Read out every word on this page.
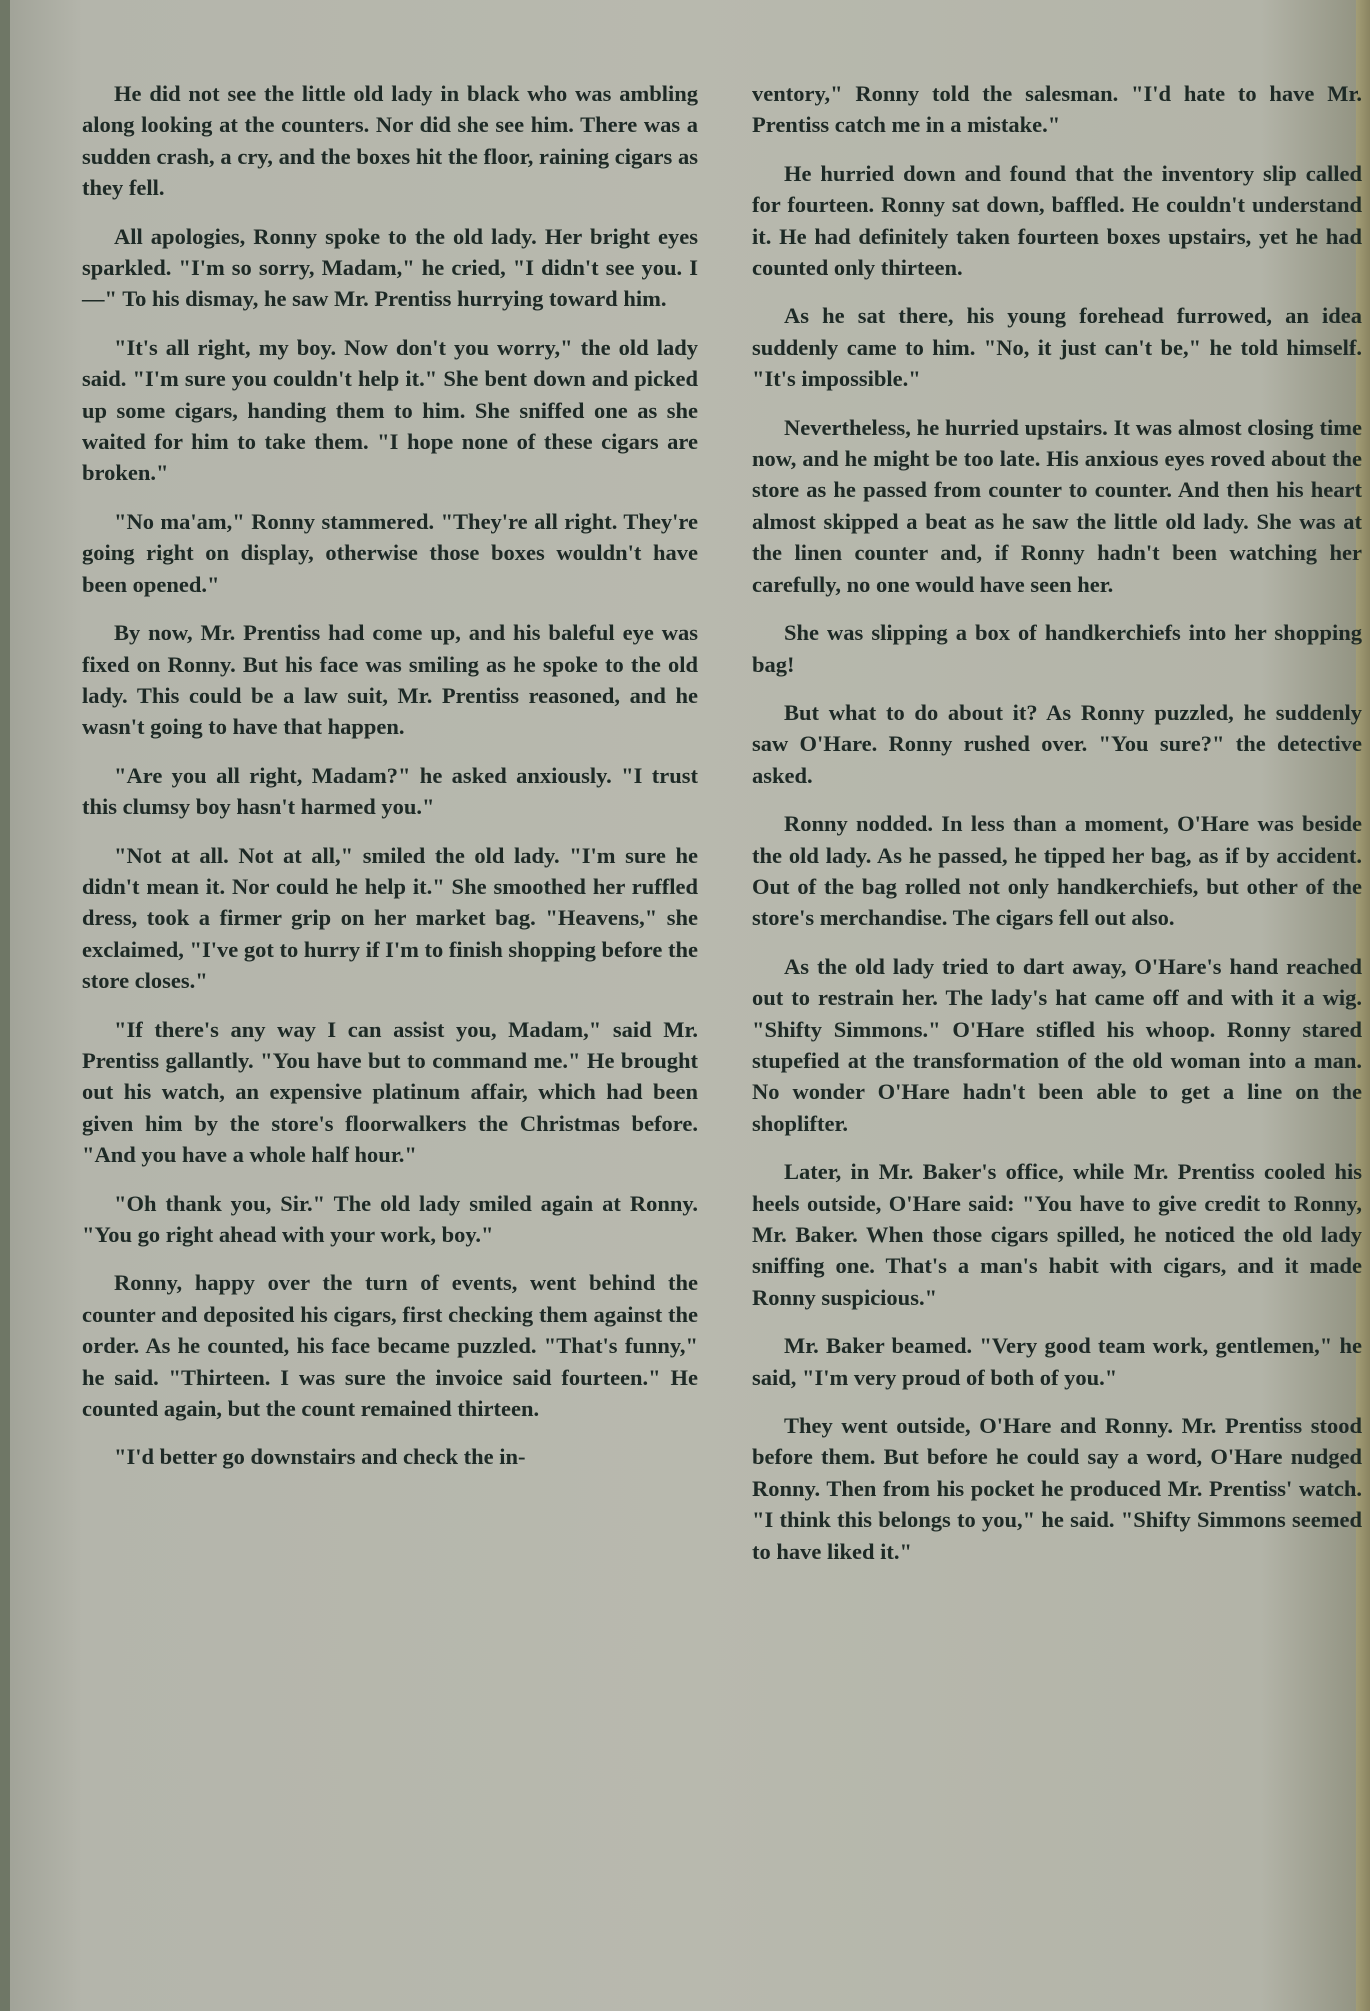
He did not see the little old lady in black who was ambling along looking at the counters. Nor did she see him. There was a sudden crash, a cry, and the boxes hit the floor, raining cigars as they fell.

All apologies, Ronny spoke to the old lady. Her bright eyes sparkled. "I'm so sorry, Madam," he cried, "I didn't see you. I—" To his dismay, he saw Mr. Prentiss hurrying toward him.

"It's all right, my boy. Now don't you worry," the old lady said. "I'm sure you couldn't help it." She bent down and picked up some cigars, handing them to him. She sniffed one as she waited for him to take them. "I hope none of these cigars are broken."

"No ma'am," Ronny stammered. "They're all right. They're going right on display, otherwise those boxes wouldn't have been opened."

By now, Mr. Prentiss had come up, and his baleful eye was fixed on Ronny. But his face was smiling as he spoke to the old lady. This could be a law suit, Mr. Prentiss reasoned, and he wasn't going to have that happen.

"Are you all right, Madam?" he asked anxiously. "I trust this clumsy boy hasn't harmed you."

"Not at all. Not at all," smiled the old lady. "I'm sure he didn't mean it. Nor could he help it." She smoothed her ruffled dress, took a firmer grip on her market bag. "Heavens," she exclaimed, "I've got to hurry if I'm to finish shopping before the store closes."

"If there's any way I can assist you, Madam," said Mr. Prentiss gallantly. "You have but to command me." He brought out his watch, an expensive platinum affair, which had been given him by the store's floorwalkers the Christmas before. "And you have a whole half hour."

"Oh thank you, Sir." The old lady smiled again at Ronny. "You go right ahead with your work, boy."

Ronny, happy over the turn of events, went behind the counter and deposited his cigars, first checking them against the order. As he counted, his face became puzzled. "That's funny," he said. "Thirteen. I was sure the invoice said fourteen." He counted again, but the count remained thirteen.

"I'd better go downstairs and check the in-

ventory," Ronny told the salesman. "I'd hate to have Mr. Prentiss catch me in a mistake."

He hurried down and found that the inventory slip called for fourteen. Ronny sat down, baffled. He couldn't understand it. He had definitely taken fourteen boxes upstairs, yet he had counted only thirteen.

As he sat there, his young forehead furrowed, an idea suddenly came to him. "No, it just can't be," he told himself. "It's impossible."

Nevertheless, he hurried upstairs. It was almost closing time now, and he might be too late. His anxious eyes roved about the store as he passed from counter to counter. And then his heart almost skipped a beat as he saw the little old lady. She was at the linen counter and, if Ronny hadn't been watching her carefully, no one would have seen her.

She was slipping a box of handkerchiefs into her shopping bag!

But what to do about it? As Ronny puzzled, he suddenly saw O'Hare. Ronny rushed over. "You sure?" the detective asked.

Ronny nodded. In less than a moment, O'Hare was beside the old lady. As he passed, he tipped her bag, as if by accident. Out of the bag rolled not only handkerchiefs, but other of the store's merchandise. The cigars fell out also.

As the old lady tried to dart away, O'Hare's hand reached out to restrain her. The lady's hat came off and with it a wig. "Shifty Simmons." O'Hare stifled his whoop. Ronny stared stupefied at the transformation of the old woman into a man. No wonder O'Hare hadn't been able to get a line on the shoplifter.

Later, in Mr. Baker's office, while Mr. Prentiss cooled his heels outside, O'Hare said: "You have to give credit to Ronny, Mr. Baker. When those cigars spilled, he noticed the old lady sniffing one. That's a man's habit with cigars, and it made Ronny suspicious."

Mr. Baker beamed. "Very good team work, gentlemen," he said, "I'm very proud of both of you."

They went outside, O'Hare and Ronny. Mr. Prentiss stood before them. But before he could say a word, O'Hare nudged Ronny. Then from his pocket he produced Mr. Prentiss' watch. "I think this belongs to you," he said. "Shifty Simmons seemed to have liked it."
